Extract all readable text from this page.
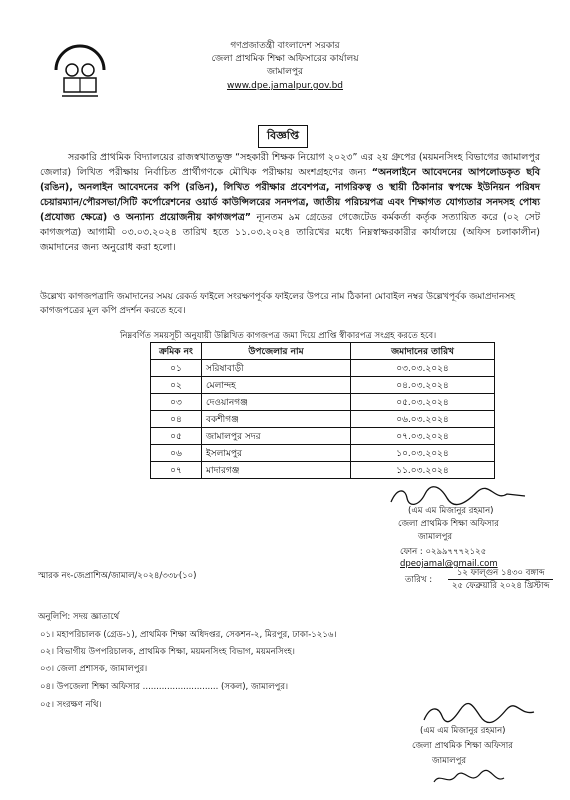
গণপ্রজাতন্ত্রী বাংলাদেশ সরকার
জেলা প্রাথমিক শিক্ষা অফিসারের কার্যালয়
জামালপুর
www.dpe.jamalpur.gov.bd
বিজ্ঞপ্তি
সরকারি প্রাথমিক বিদ্যালয়ের রাজস্বখাতভুক্ত “সহকারী শিক্ষক নিয়োগ ২০২৩” এর ২য় গ্রুপের (ময়মনসিংহ বিভাগের জামালপুর জেলার) লিখিত পরীক্ষায় নির্বাচিত প্রার্থীগণকে মৌখিক পরীক্ষায় অংশগ্রহণের জন্য “অনলাইনে আবেদনের আপলোডকৃত ছবি (রঙিন), অনলাইন আবেদনের কপি (রঙিন), লিখিত পরীক্ষার প্রবেশপত্র, নাগরিকত্ব ও স্থায়ী ঠিকানার স্বপক্ষে ইউনিয়ন পরিষদ চেয়ারম্যান/পৌরসভা/সিটি কর্পোরেশনের ওয়ার্ড কাউন্সিলরের সনদপত্র, জাতীয় পরিচয়পত্র এবং শিক্ষাগত যোগ্যতার সনদসহ পোষ্য (প্রযোজ্য ক্ষেত্রে) ও অন্যান্য প্রয়োজনীয় কাগজপত্র” ন্যূনতম ৯ম গ্রেডের গেজেটেড কর্মকর্তা কর্তৃক সত্যায়িত করে (০২ সেট কাগজপত্র) আগামী ০৩.০৩.২০২৪ তারিখ হতে ১১.০৩.২০২৪ তারিখের মধ্যে নিম্নস্বাক্ষরকারীর কার্যালয়ে (অফিস চলাকালীন) জমাদানের জন্য অনুরোধ করা হলো।
উল্লেখ্য কাগজপত্রাদি জমাদানের সময় রেকর্ড ফাইলে সংরক্ষণপূর্বক ফাইলের উপরে নাম ঠিকানা মোবাইল নম্বর উল্লেখপূর্বক জমাপ্রদানসহ কাগজপত্রের মূল কপি প্রদর্শন করতে হবে।
নিম্নবর্ণিত সময়সূচী অনুযায়ী উল্লিখিত কাগজপত্র জমা দিয়ে প্রাপ্তি স্বীকারপত্র সংগ্রহ করতে হবে।
ক্রমিক নং	উপজেলার নাম	জমাদানের তারিখ
০১	সরিষাবাড়ী	০৩.০৩.২০২৪
০২	মেলান্দহ	০৪.০৩.২০২৪
০৩	দেওয়ানগঞ্জ	০৫.০৩.২০২৪
০৪	বকশীগঞ্জ	০৬.০৩.২০২৪
০৫	জামালপুর সদর	০৭.০৩.২০২৪
০৬	ইসলামপুর	১০.০৩.২০২৪
০৭	মাদারগঞ্জ	১১.০৩.২০২৪
(এম এম মিজানুর রহমান)
জেলা প্রাথমিক শিক্ষা অফিসার
জামালপুর
ফোন : ০২৯৯৭৭৭২১২৫
dpeojamal@gmail.com
স্মারক নং-জেপ্রাশিঅ/জামাল/২০২৪/৩৩৮(১০)	তারিখ :
১২ ফাল্গুন ১৪৩০ বঙ্গাব্দ
২৫ ফেব্রুয়ারি ২০২৪ খ্রিস্টাব্দ
অনুলিপি: সদয় জ্ঞাতার্থে
০১। মহাপরিচালক (গ্রেড-১), প্রাথমিক শিক্ষা অধিদপ্তর, সেকশন-২, মিরপুর, ঢাকা-১২১৬।
০২। বিভাগীয় উপপরিচালক, প্রাথমিক শিক্ষা, ময়মনসিংহ বিভাগ, ময়মনসিংহ।
০৩। জেলা প্রশাসক, জামালপুর।
০৪। উপজেলা শিক্ষা অফিসার ............................ (সকল), জামালপুর।
০৫। সংরক্ষণ নথি।
(এম এম মিজানুর রহমান)
জেলা প্রাথমিক শিক্ষা অফিসার
জামালপুর
